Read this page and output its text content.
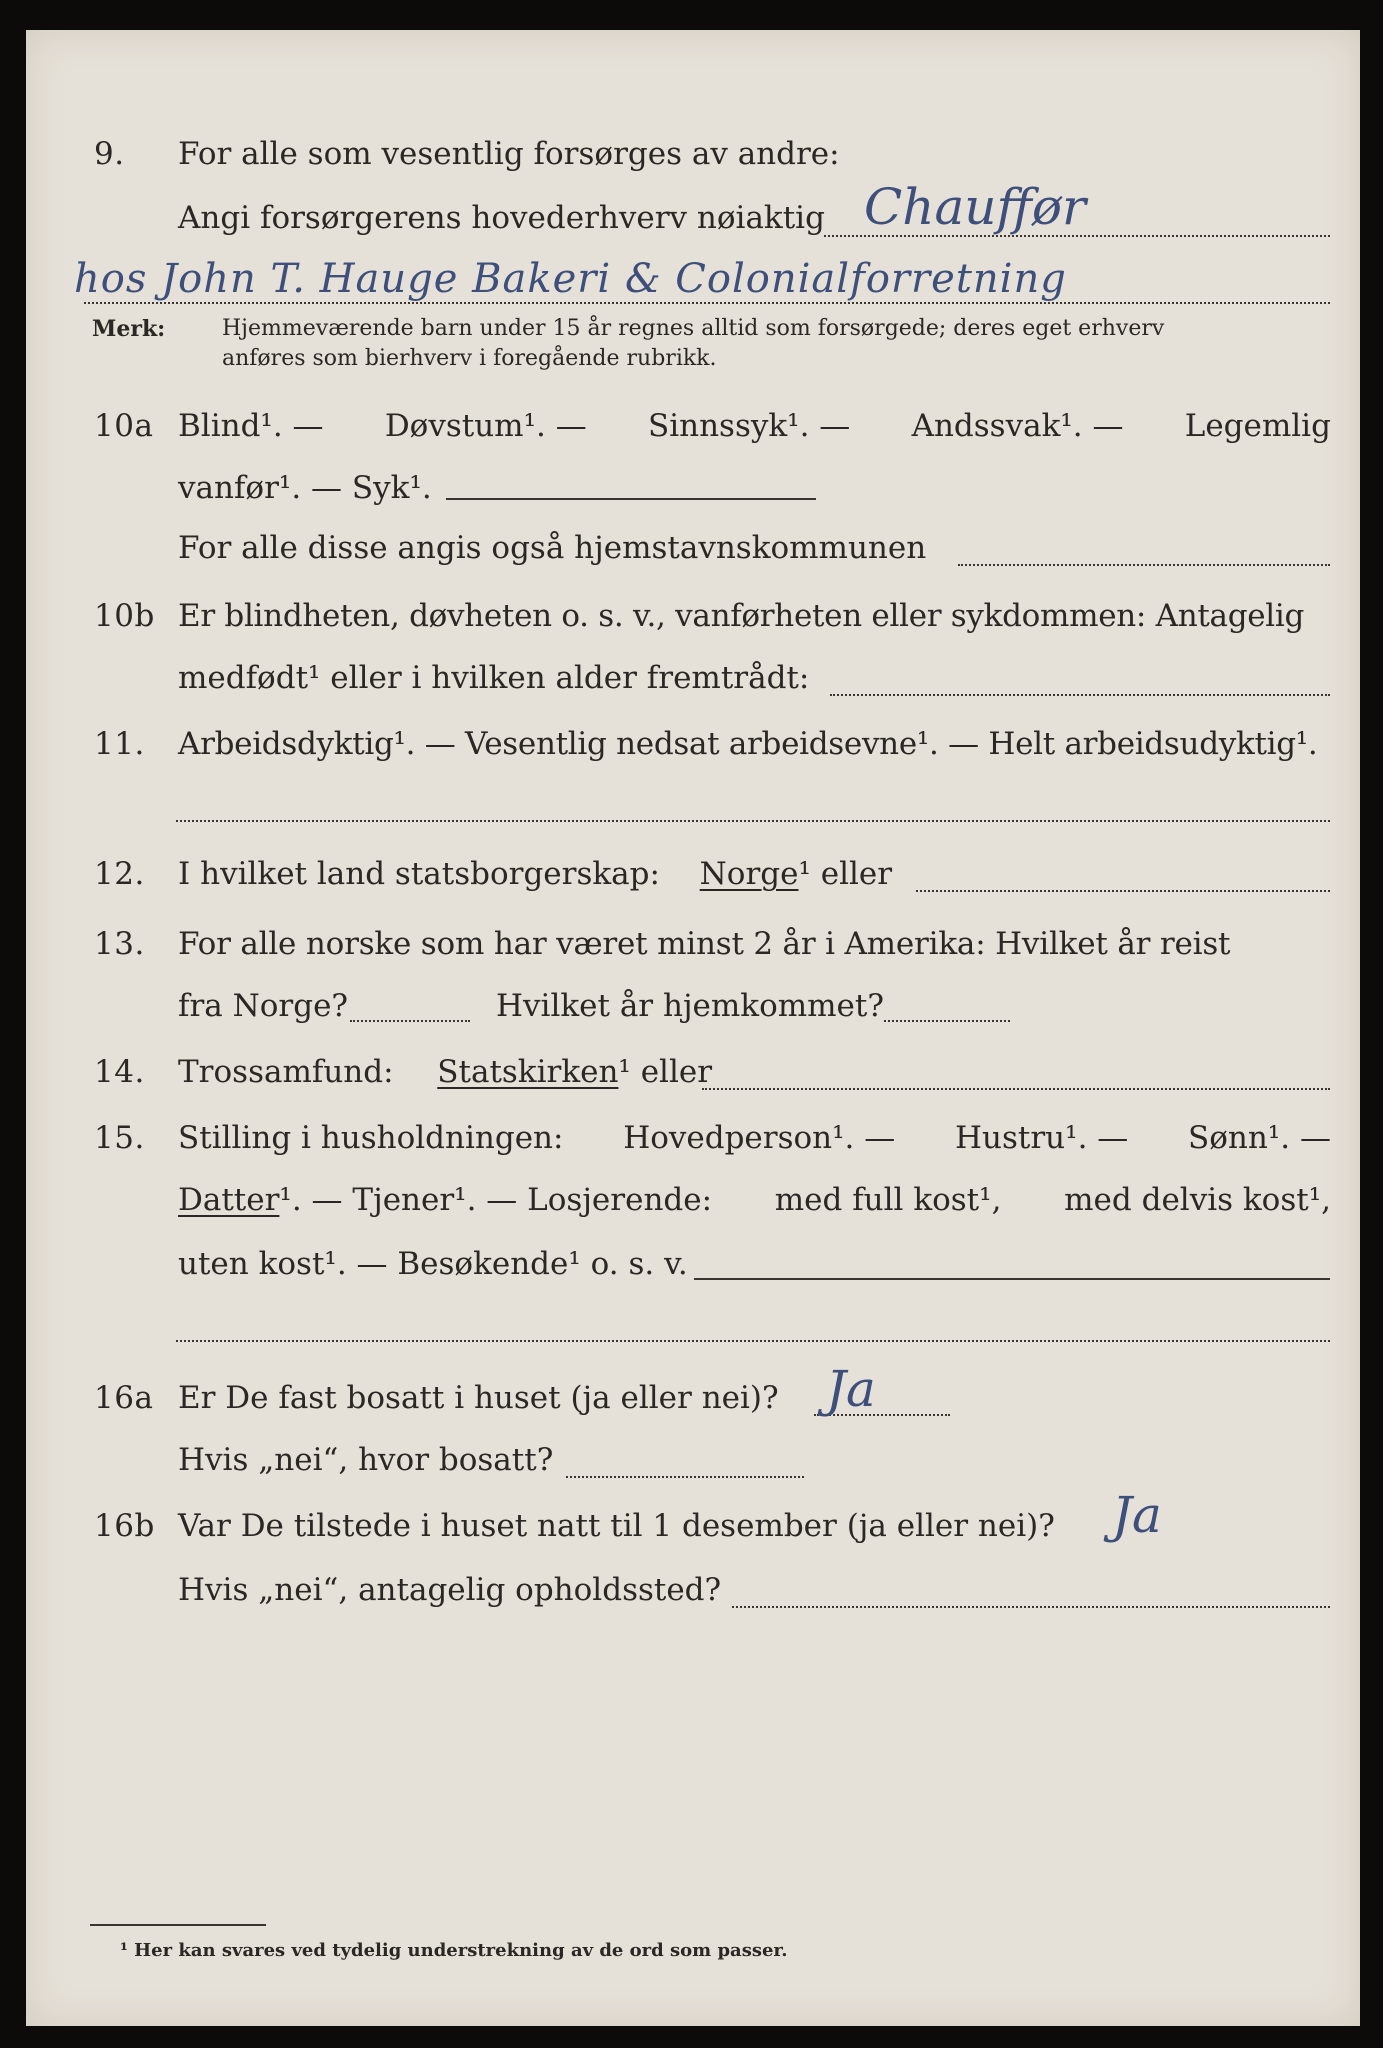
9. For alle som vesentlig forsørges av andre:
Angi forsørgerens hovederhverv nøiaktig Chauffør
hos John T. Hauge Bakeri & Colonialforretning
Merk:	Hjemmeværende barn under 15 år regnes alltid som forsørgede; deres eget erhverv
anføres som bierhverv i foregående rubrikk.
10a Blind¹. — Døvstum¹. — Sinnssyk¹. — Andssvak¹. — Legemlig
vanfør¹. — Syk¹.
For alle disse angis også hjemstavnskommunen
10b Er blindheten, døvheten o. s. v., vanførheten eller sykdommen: Antagelig
medfødt¹ eller i hvilken alder fremtrådt:
11. Arbeidsdyktig¹. — Vesentlig nedsat arbeidsevne¹. — Helt arbeidsudyktig¹.
12. I hvilket land statsborgerskap: Norge¹ eller
13. For alle norske som har været minst 2 år i Amerika: Hvilket år reist
fra Norge?	Hvilket år hjemkommet?
14. Trossamfund: Statskirken¹ eller
15. Stilling i husholdningen: Hovedperson¹. — Hustru¹. — Sønn¹. —
Datter¹. — Tjener¹. — Losjerende: med full kost¹, med delvis kost¹,
uten kost¹. — Besøkende¹ o. s. v.
16a Er De fast bosatt i huset (ja eller nei)? Ja
Hvis „nei“, hvor bosatt?
16b Var De tilstede i huset natt til 1 desember (ja eller nei)? Ja
Hvis „nei“, antagelig opholdssted?
¹ Her kan svares ved tydelig understrekning av de ord som passer.
